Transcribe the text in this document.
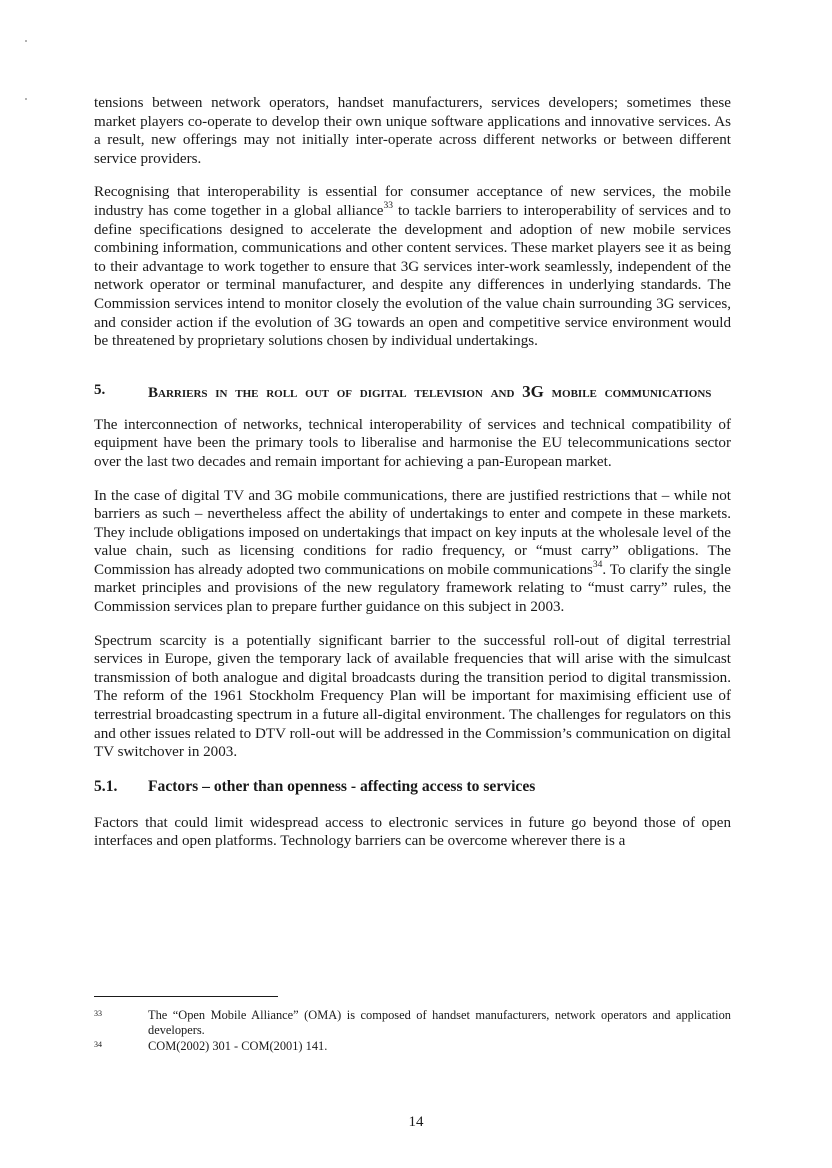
tensions between network operators, handset manufacturers, services developers; sometimes these market players co-operate to develop their own unique software applications and innovative services. As a result, new offerings may not initially inter-operate across different networks or between different service providers.

Recognising that interoperability is essential for consumer acceptance of new services, the mobile industry has come together in a global alliance$^{33}$ to tackle barriers to interoperability of services and to define specifications designed to accelerate the development and adoption of new mobile services combining information, communications and other content services. These market players see it as being to their advantage to work together to ensure that 3G services inter-work seamlessly, independent of the network operator or terminal manufacturer, and despite any differences in underlying standards. The Commission services intend to monitor closely the evolution of the value chain surrounding 3G services, and consider action if the evolution of 3G towards an open and competitive service environment would be threatened by proprietary solutions chosen by individual undertakings.

5.	Barriers in the roll out of digital television and 3G mobile communications

The interconnection of networks, technical interoperability of services and technical compatibility of equipment have been the primary tools to liberalise and harmonise the EU telecommunications sector over the last two decades and remain important for achieving a pan-European market.

In the case of digital TV and 3G mobile communications, there are justified restrictions that – while not barriers as such – nevertheless affect the ability of undertakings to enter and compete in these markets. They include obligations imposed on undertakings that impact on key inputs at the wholesale level of the value chain, such as licensing conditions for radio frequency, or “must carry” obligations. The Commission has already adopted two communications on mobile communications$^{34}$. To clarify the single market principles and provisions of the new regulatory framework relating to “must carry” rules, the Commission services plan to prepare further guidance on this subject in 2003.

Spectrum scarcity is a potentially significant barrier to the successful roll-out of digital terrestrial services in Europe, given the temporary lack of available frequencies that will arise with the simulcast transmission of both analogue and digital broadcasts during the transition period to digital transmission. The reform of the 1961 Stockholm Frequency Plan will be important for maximising efficient use of terrestrial broadcasting spectrum in a future all-digital environment. The challenges for regulators on this and other issues related to DTV roll-out will be addressed in the Commission’s communication on digital TV switchover in 2003.

5.1.	Factors – other than openness - affecting access to services

Factors that could limit widespread access to electronic services in future go beyond those of open interfaces and open platforms. Technology barriers can be overcome wherever there is a

33	The “Open Mobile Alliance” (OMA) is composed of handset manufacturers, network operators and application developers.
34	COM(2002) 301 - COM(2001) 141.
14
